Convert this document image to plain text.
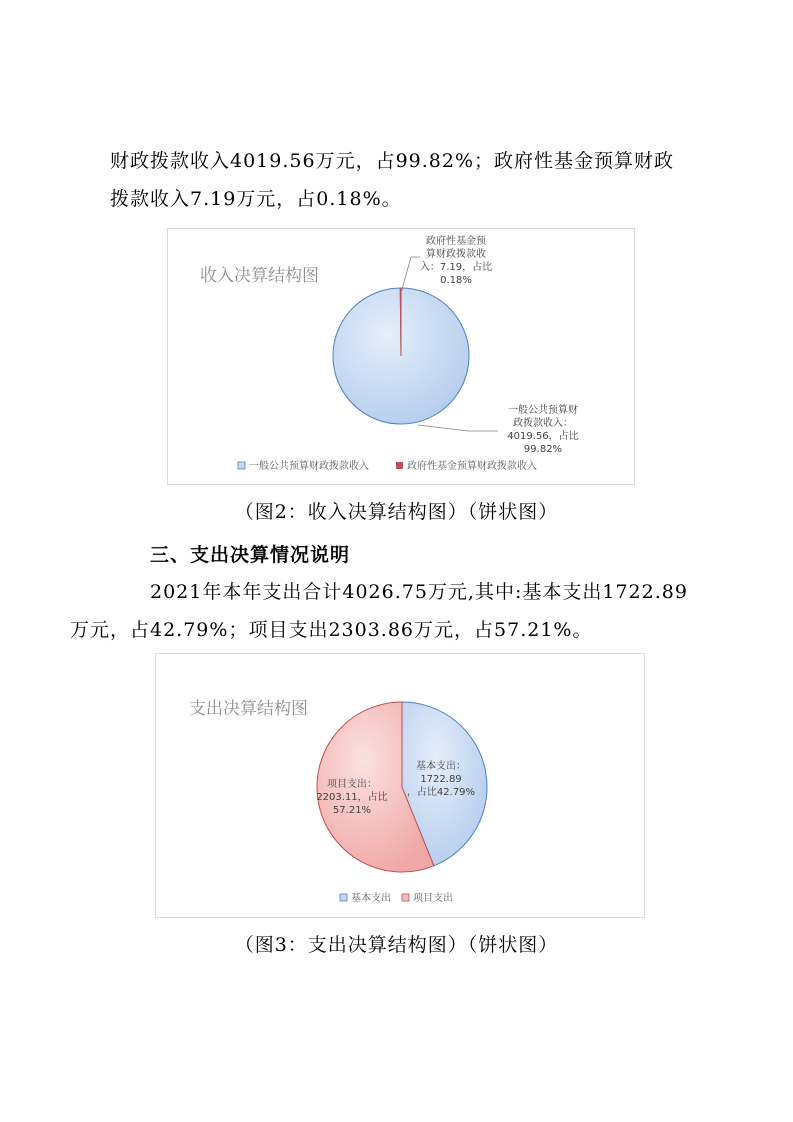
财政拨款收入4019.56万元，占99.82%；政府性基金预算财政
拨款收入7.19万元，占0.18%。

收入决算结构图
政府性基金预
算财政拨款收
入：7.19，占比
0.18%
一般公共预算财
政拨款收入：
4019.56，占比
99.82%
一般公共预算财政拨款收入	政府性基金预算财政拨款收入
（图2：收入决算结构图）（饼状图）
三、支出决算情况说明

2021年本年支出合计4026.75万元,其中:基本支出1722.89
万元，占42.79%；项目支出2303.86万元，占57.21%。

支出决算结构图
基本支出：
1722.89
，占比42.79%
项目支出：
2203.11，占比
57.21%
基本支出 项目支出
（图3：支出决算结构图）（饼状图）
